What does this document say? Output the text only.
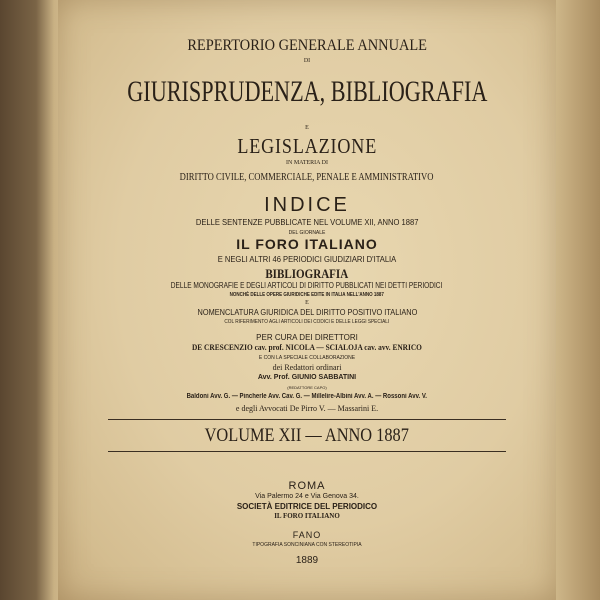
REPERTORIO GENERALE ANNUALE
DI
GIURISPRUDENZA, BIBLIOGRAFIA
E
LEGISLAZIONE
IN MATERIA DI
DIRITTO CIVILE, COMMERCIALE, PENALE E AMMINISTRATIVO
INDICE
DELLE SENTENZE PUBBLICATE NEL VOLUME XII, ANNO 1887
DEL GIORNALE
IL FORO ITALIANO
E NEGLI ALTRI 46 PERIODICI GIUDIZIARI D'ITALIA
BIBLIOGRAFIA
DELLE MONOGRAFIE E DEGLI ARTICOLI DI DIRITTO PUBBLICATI NEI DETTI PERIODICI
NONCHÈ DELLE OPERE GIURIDICHE EDITE IN ITALIA NELL'ANNO 1887
E
NOMENCLATURA GIURIDICA DEL DIRITTO POSITIVO ITALIANO
COL RIFERIMENTO AGLI ARTICOLI DEI CODICI E DELLE LEGGI SPECIALI
PER CURA DEI DIRETTORI
DE CRESCENZIO cav. prof. NICOLA — SCIALOJA cav. avv. ENRICO
E CON LA SPECIALE COLLABORAZIONE
dei Redattori ordinari
Avv. Prof. GIUNIO SABBATINI
(REDATTORE CAPO)
Baldoni Avv. G. — Pincherle Avv. Cav. G. — Millelire-Albini Avv. A. — Rossoni Avv. V.
e degli Avvocati De Pirro V. — Massarini E.
VOLUME XII — ANNO 1887
ROMA
Via Palermo 24 e Via Genova 34.
SOCIETÀ EDITRICE DEL PERIODICO
IL FORO ITALIANO
FANO
TIPOGRAFIA SONCINIANA CON STEREOTIPIA
1889
